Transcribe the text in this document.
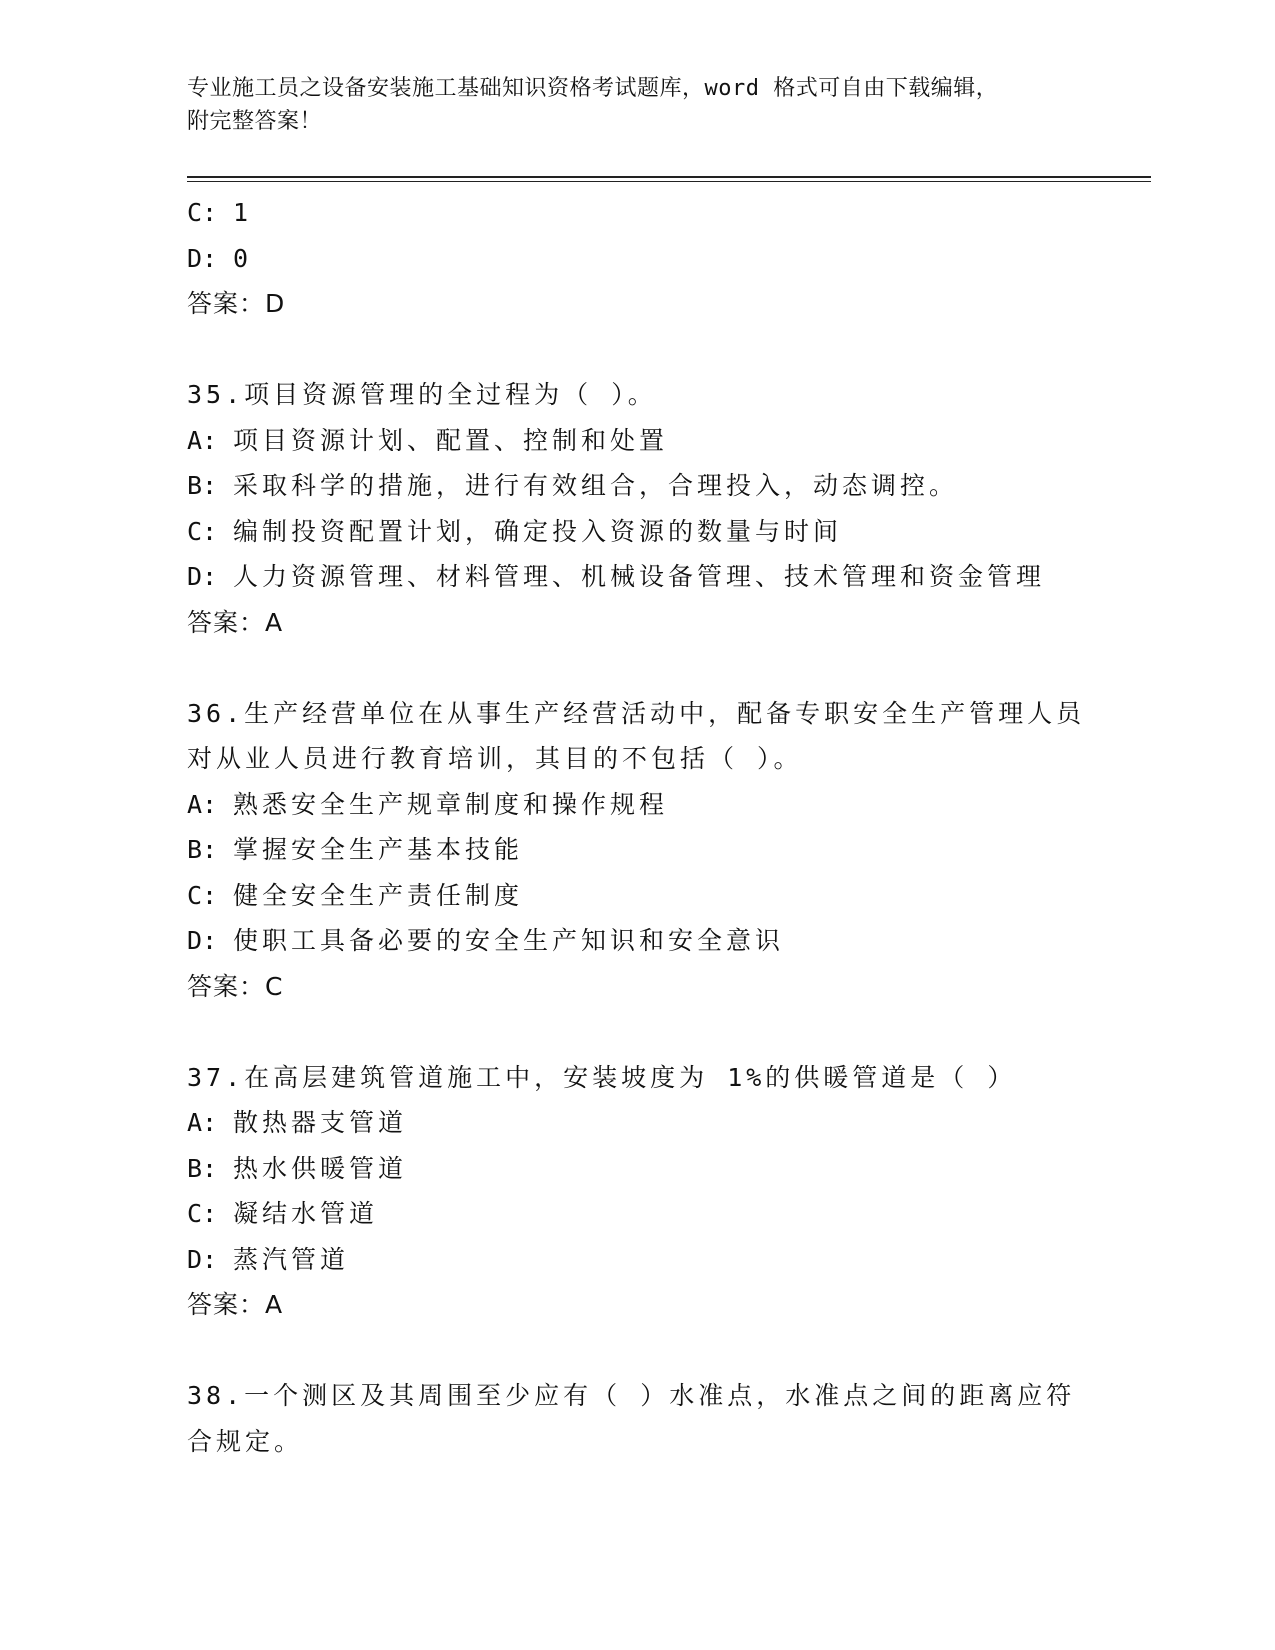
专业施工员之设备安装施工基础知识资格考试题库，word 格式可自由下载编辑，
附完整答案！
C: 1
D: 0
答案：D
35.项目资源管理的全过程为（ ）。
A: 项目资源计划、配置、控制和处置
B: 采取科学的措施，进行有效组合，合理投入，动态调控。
C: 编制投资配置计划，确定投入资源的数量与时间
D: 人力资源管理、材料管理、机械设备管理、技术管理和资金管理
答案：A
36.生产经营单位在从事生产经营活动中，配备专职安全生产管理人员
对从业人员进行教育培训，其目的不包括（ ）。
A: 熟悉安全生产规章制度和操作规程
B: 掌握安全生产基本技能
C: 健全安全生产责任制度
D: 使职工具备必要的安全生产知识和安全意识
答案：C
37.在高层建筑管道施工中，安装坡度为 1%的供暖管道是（ ）
A: 散热器支管道
B: 热水供暖管道
C: 凝结水管道
D: 蒸汽管道
答案：A
38.一个测区及其周围至少应有（ ）水准点，水准点之间的距离应符
合规定。
